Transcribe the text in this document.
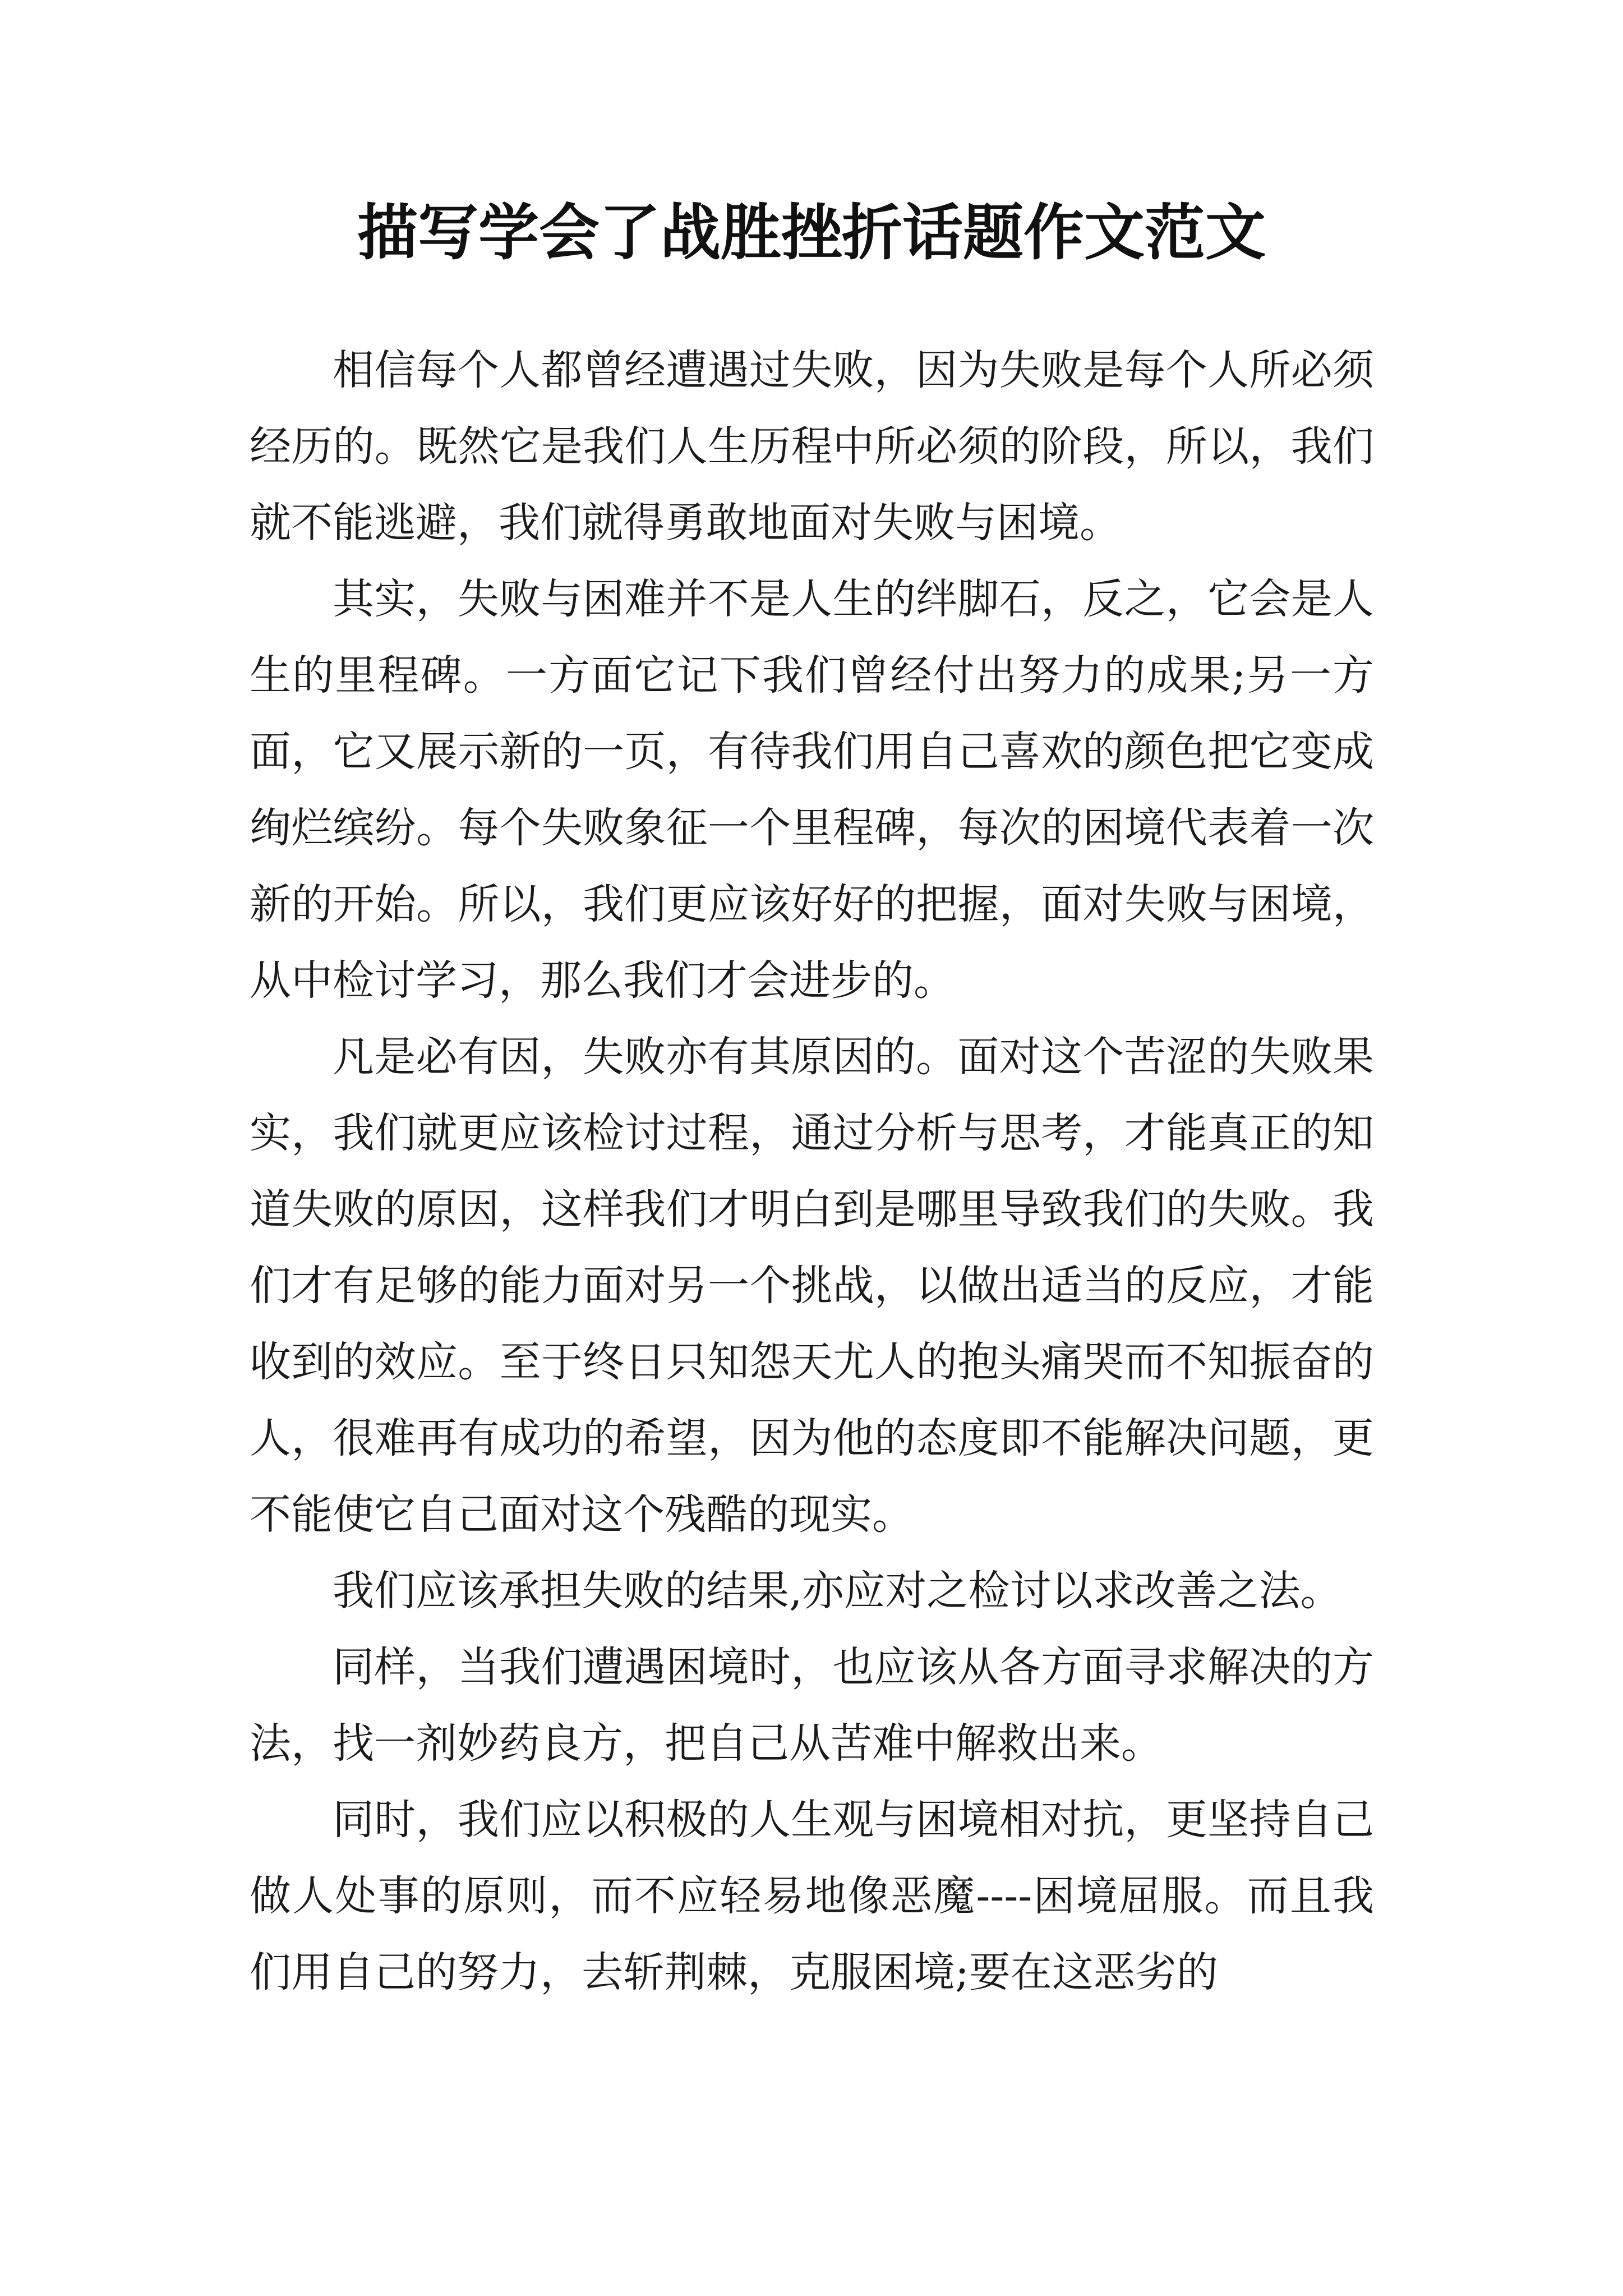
描写学会了战胜挫折话题作文范文

相信每个人都曾经遭遇过失败，因为失败是每个人所必须经历的。既然它是我们人生历程中所必须的阶段，所以，我们就不能逃避，我们就得勇敢地面对失败与困境。

其实，失败与困难并不是人生的绊脚石，反之，它会是人生的里程碑。一方面它记下我们曾经付出努力的成果;另一方面，它又展示新的一页，有待我们用自己喜欢的颜色把它变成绚烂缤纷。每个失败象征一个里程碑，每次的困境代表着一次新的开始。所以，我们更应该好好的把握，面对失败与困境，从中检讨学习，那么我们才会进步的。

凡是必有因，失败亦有其原因的。面对这个苦涩的失败果实，我们就更应该检讨过程，通过分析与思考，才能真正的知道失败的原因，这样我们才明白到是哪里导致我们的失败。我们才有足够的能力面对另一个挑战，以做出适当的反应，才能收到的效应。至于终日只知怨天尤人的抱头痛哭而不知振奋的人，很难再有成功的希望，因为他的态度即不能解决问题，更不能使它自己面对这个残酷的现实。

我们应该承担失败的结果,亦应对之检讨以求改善之法。

同样，当我们遭遇困境时，也应该从各方面寻求解决的方法，找一剂妙药良方，把自己从苦难中解救出来。

同时，我们应以积极的人生观与困境相对抗，更坚持自己做人处事的原则，而不应轻易地像恶魔----困境屈服。而且我们用自己的努力，去斩荆棘，克服困境;要在这恶劣的
